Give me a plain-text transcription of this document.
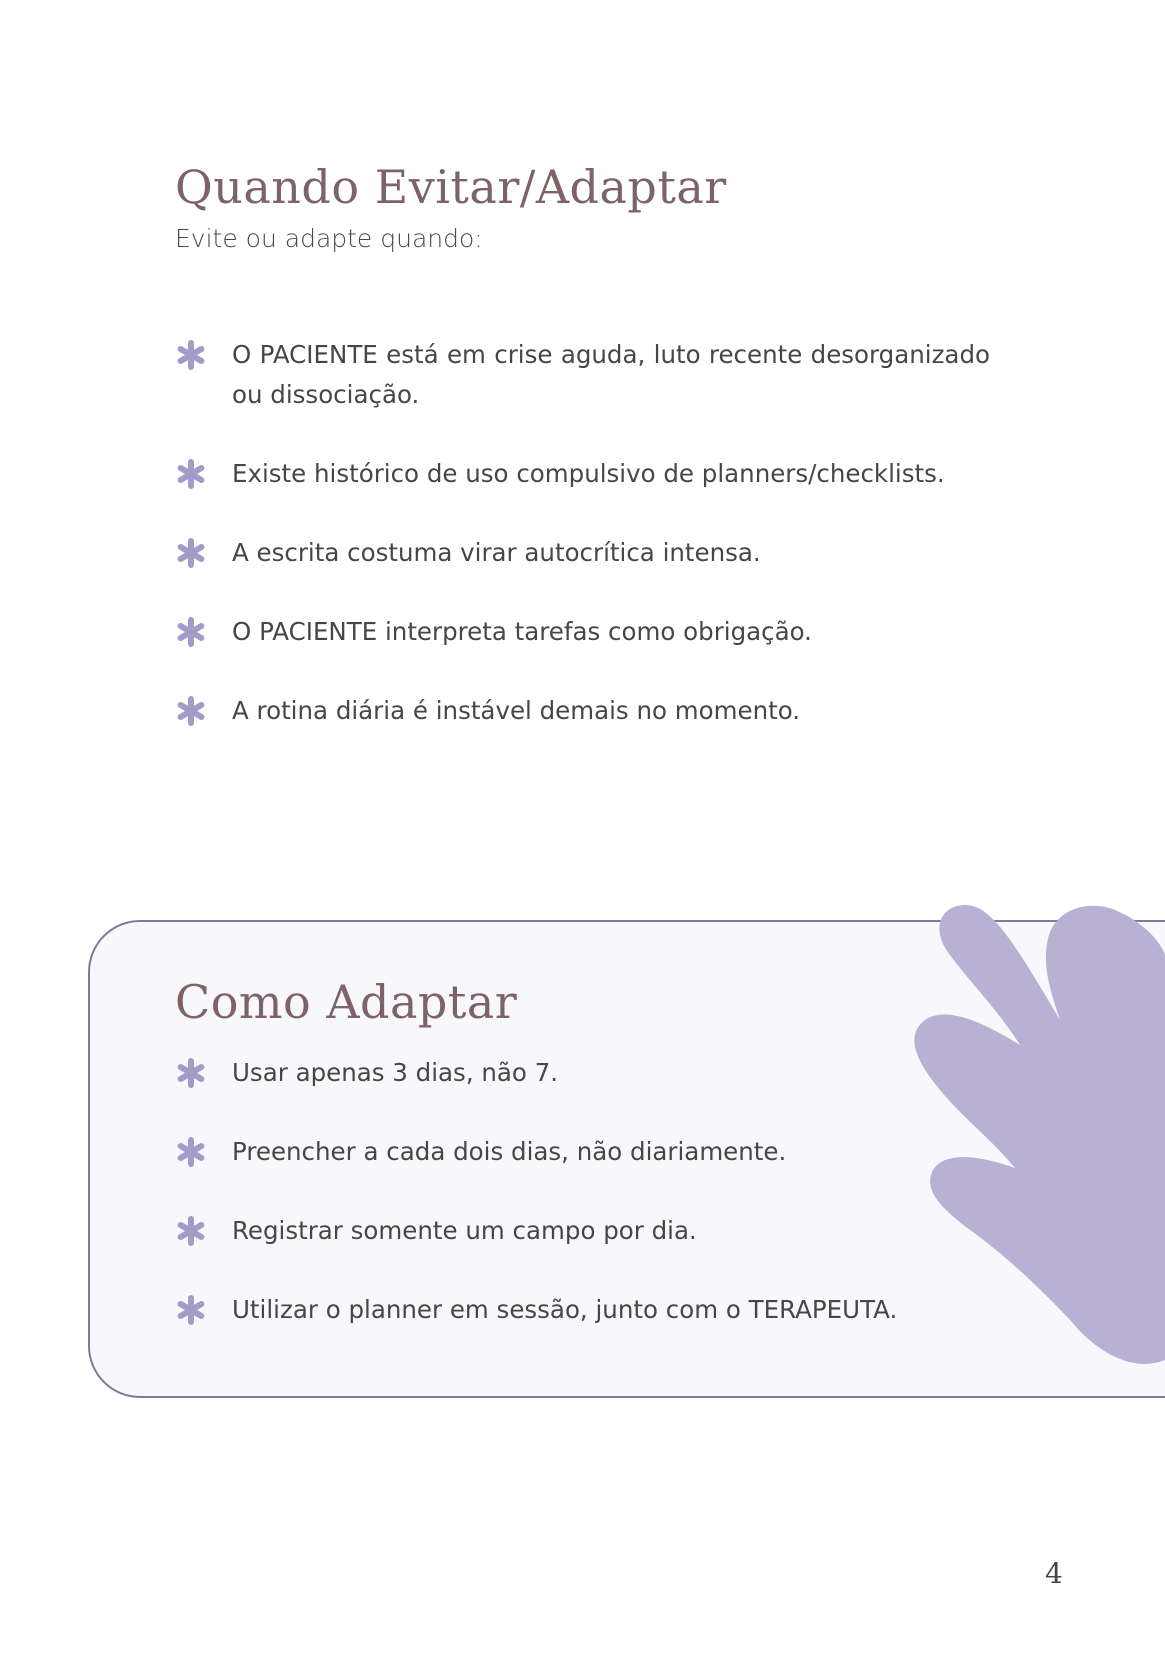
Quando Evitar/Adaptar
Evite ou adapte quando:
O PACIENTE está em crise aguda, luto recente desorganizado ou dissociação.
Existe histórico de uso compulsivo de planners/checklists.
A escrita costuma virar autocrítica intensa.
O PACIENTE interpreta tarefas como obrigação.
A rotina diária é instável demais no momento.
Como Adaptar
Usar apenas 3 dias, não 7.
Preencher a cada dois dias, não diariamente.
Registrar somente um campo por dia.
Utilizar o planner em sessão, junto com o TERAPEUTA.
4
